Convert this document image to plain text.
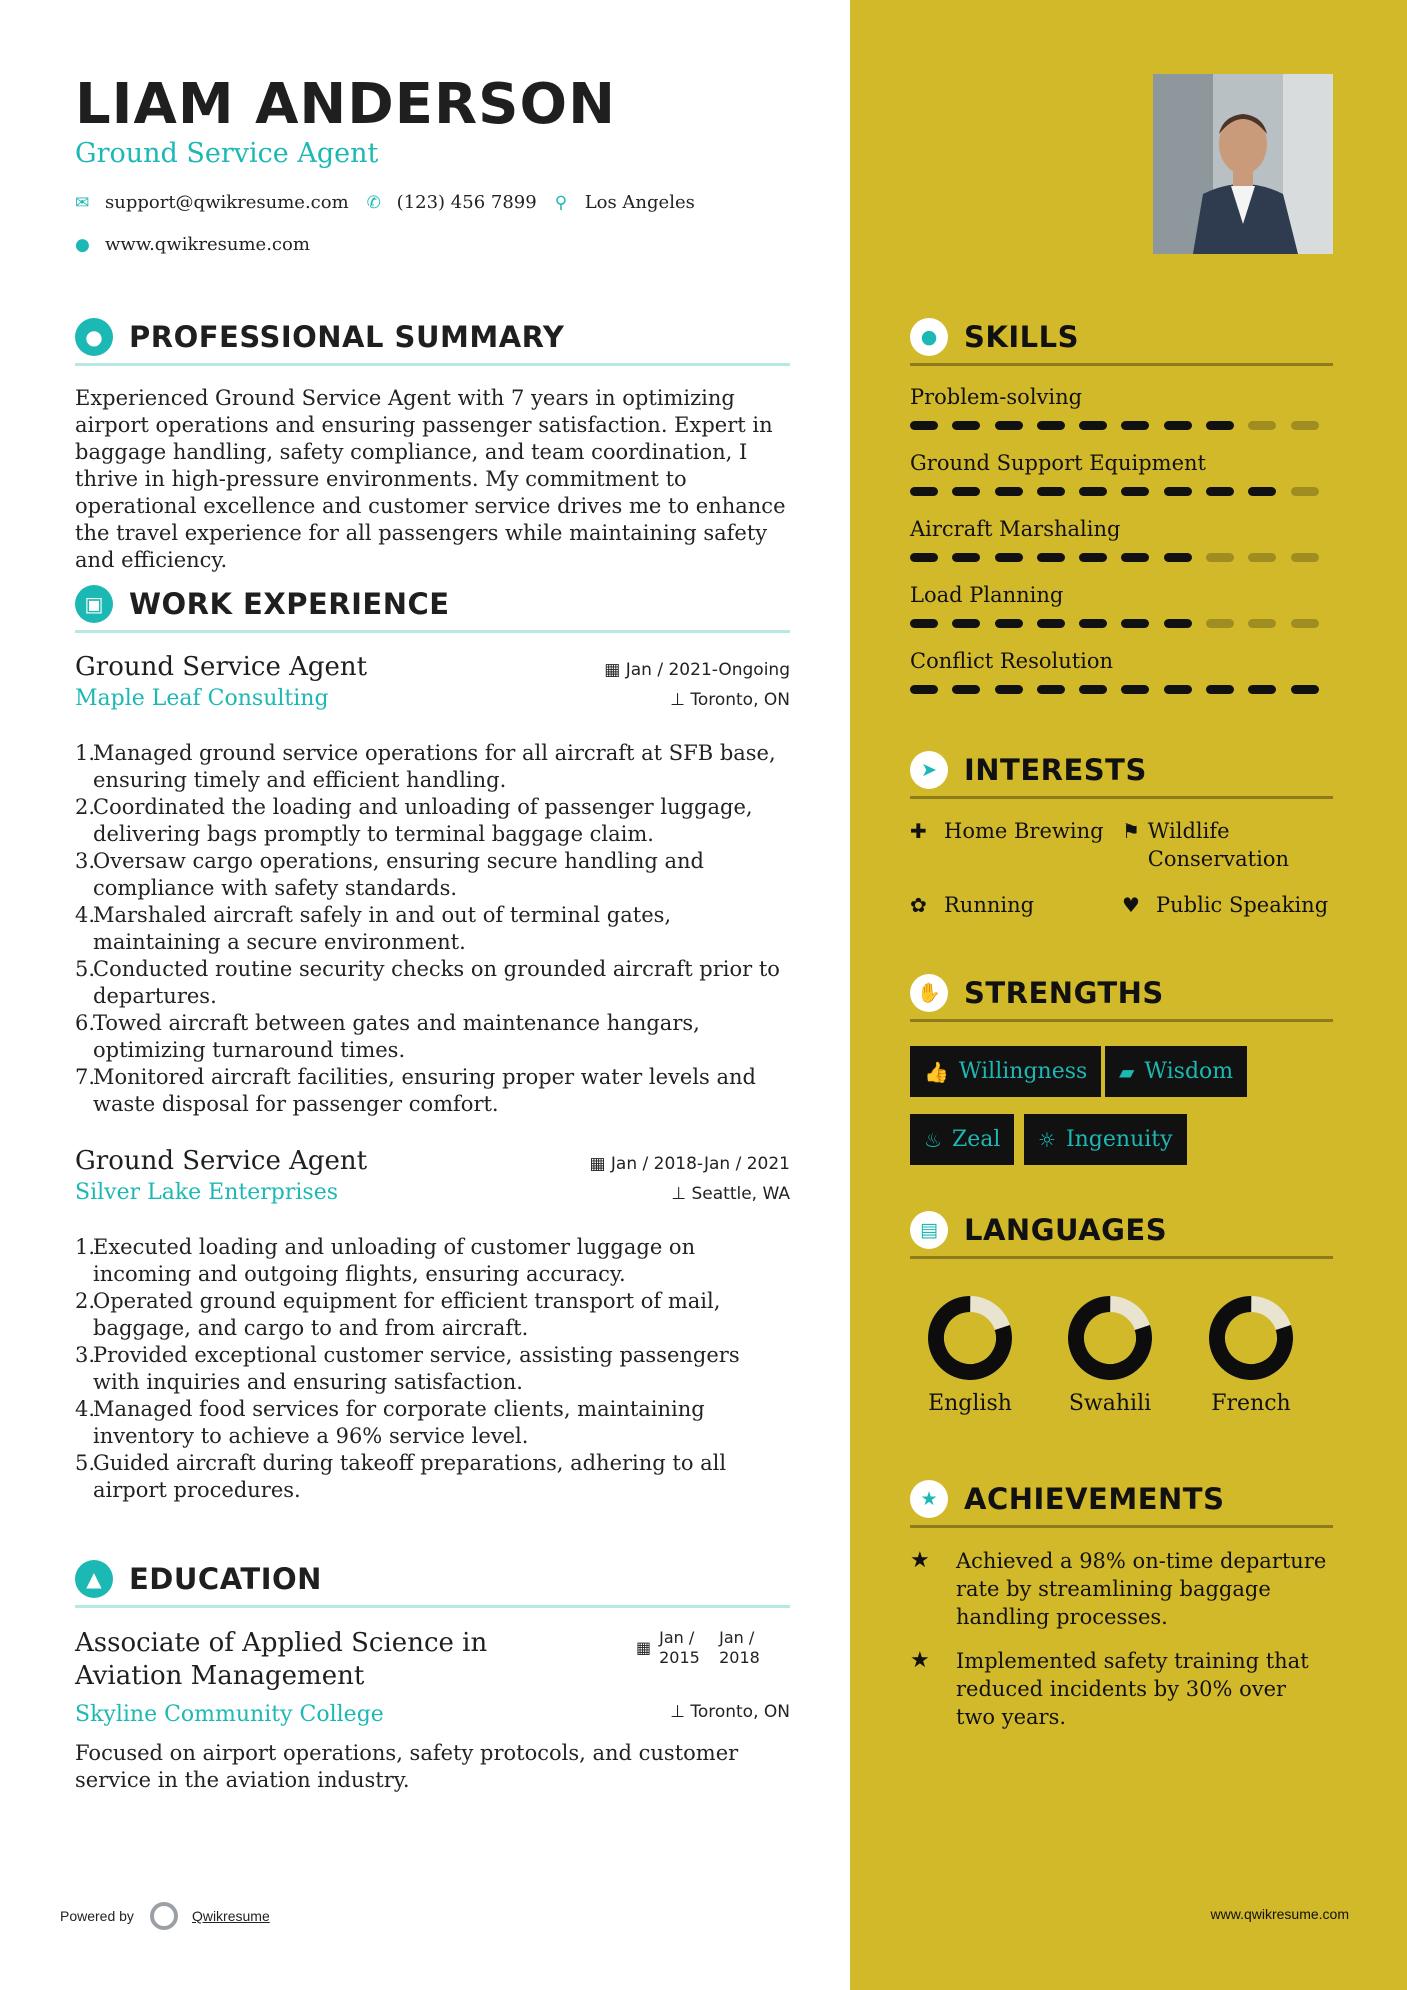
LIAM ANDERSON
Ground Service Agent
✉ support@qwikresume.com ✆ (123) 456 7899 ⚲ Los Angeles
● www.qwikresume.com
● PROFESSIONAL SUMMARY
Experienced Ground Service Agent with 7 years in optimizing airport operations and ensuring passenger satisfaction. Expert in baggage handling, safety compliance, and team coordination, I thrive in high-pressure environments. My commitment to operational excellence and customer service drives me to enhance the travel experience for all passengers while maintaining safety and efficiency.
▣ WORK EXPERIENCE
Ground Service Agent	▦ Jan / 2021-Ongoing
Maple Leaf Consulting	⊥ Toronto, ON
1.
Managed ground service operations for all aircraft at SFB base, ensuring timely and efficient handling.
2.
Coordinated the loading and unloading of passenger luggage, delivering bags promptly to terminal baggage claim.
3.
Oversaw cargo operations, ensuring secure handling and compliance with safety standards.
4.
Marshaled aircraft safely in and out of terminal gates, maintaining a secure environment.
5.
Conducted routine security checks on grounded aircraft prior to departures.
6.
Towed aircraft between gates and maintenance hangars, optimizing turnaround times.
7.
Monitored aircraft facilities, ensuring proper water levels and waste disposal for passenger comfort.
Ground Service Agent	▦ Jan / 2018-Jan / 2021
Silver Lake Enterprises	⊥ Seattle, WA
1.
Executed loading and unloading of customer luggage on incoming and outgoing flights, ensuring accuracy.
2.
Operated ground equipment for efficient transport of mail, baggage, and cargo to and from aircraft.
3.
Provided exceptional customer service, assisting passengers with inquiries and ensuring satisfaction.
4.
Managed food services for corporate clients, maintaining inventory to achieve a 96% service level.
5.
Guided aircraft during takeoff preparations, adhering to all airport procedures.
▲ EDUCATION
Associate of Applied Science in Aviation Management
▦
Jan / 2015
Jan / 2018
Skyline Community College	⊥ Toronto, ON
Focused on airport operations, safety protocols, and customer service in the aviation industry.
Powered by	Qwikresume
● SKILLS
Problem-solving
Ground Support Equipment
Aircraft Marshaling
Load Planning
Conflict Resolution
➤ INTERESTS
✚ Home Brewing ⚑ Wildlife Conservation
✿ Running	♥ Public Speaking
✋ STRENGTHS
👍 Willingness ▰ Wisdom
♨ Zeal ☼ Ingenuity
▤ LANGUAGES
English	Swahili	French
★ ACHIEVEMENTS
★	Achieved a 98% on-time departure rate by streamlining baggage handling processes.
★	Implemented safety training that reduced incidents by 30% over two years.
www.qwikresume.com
